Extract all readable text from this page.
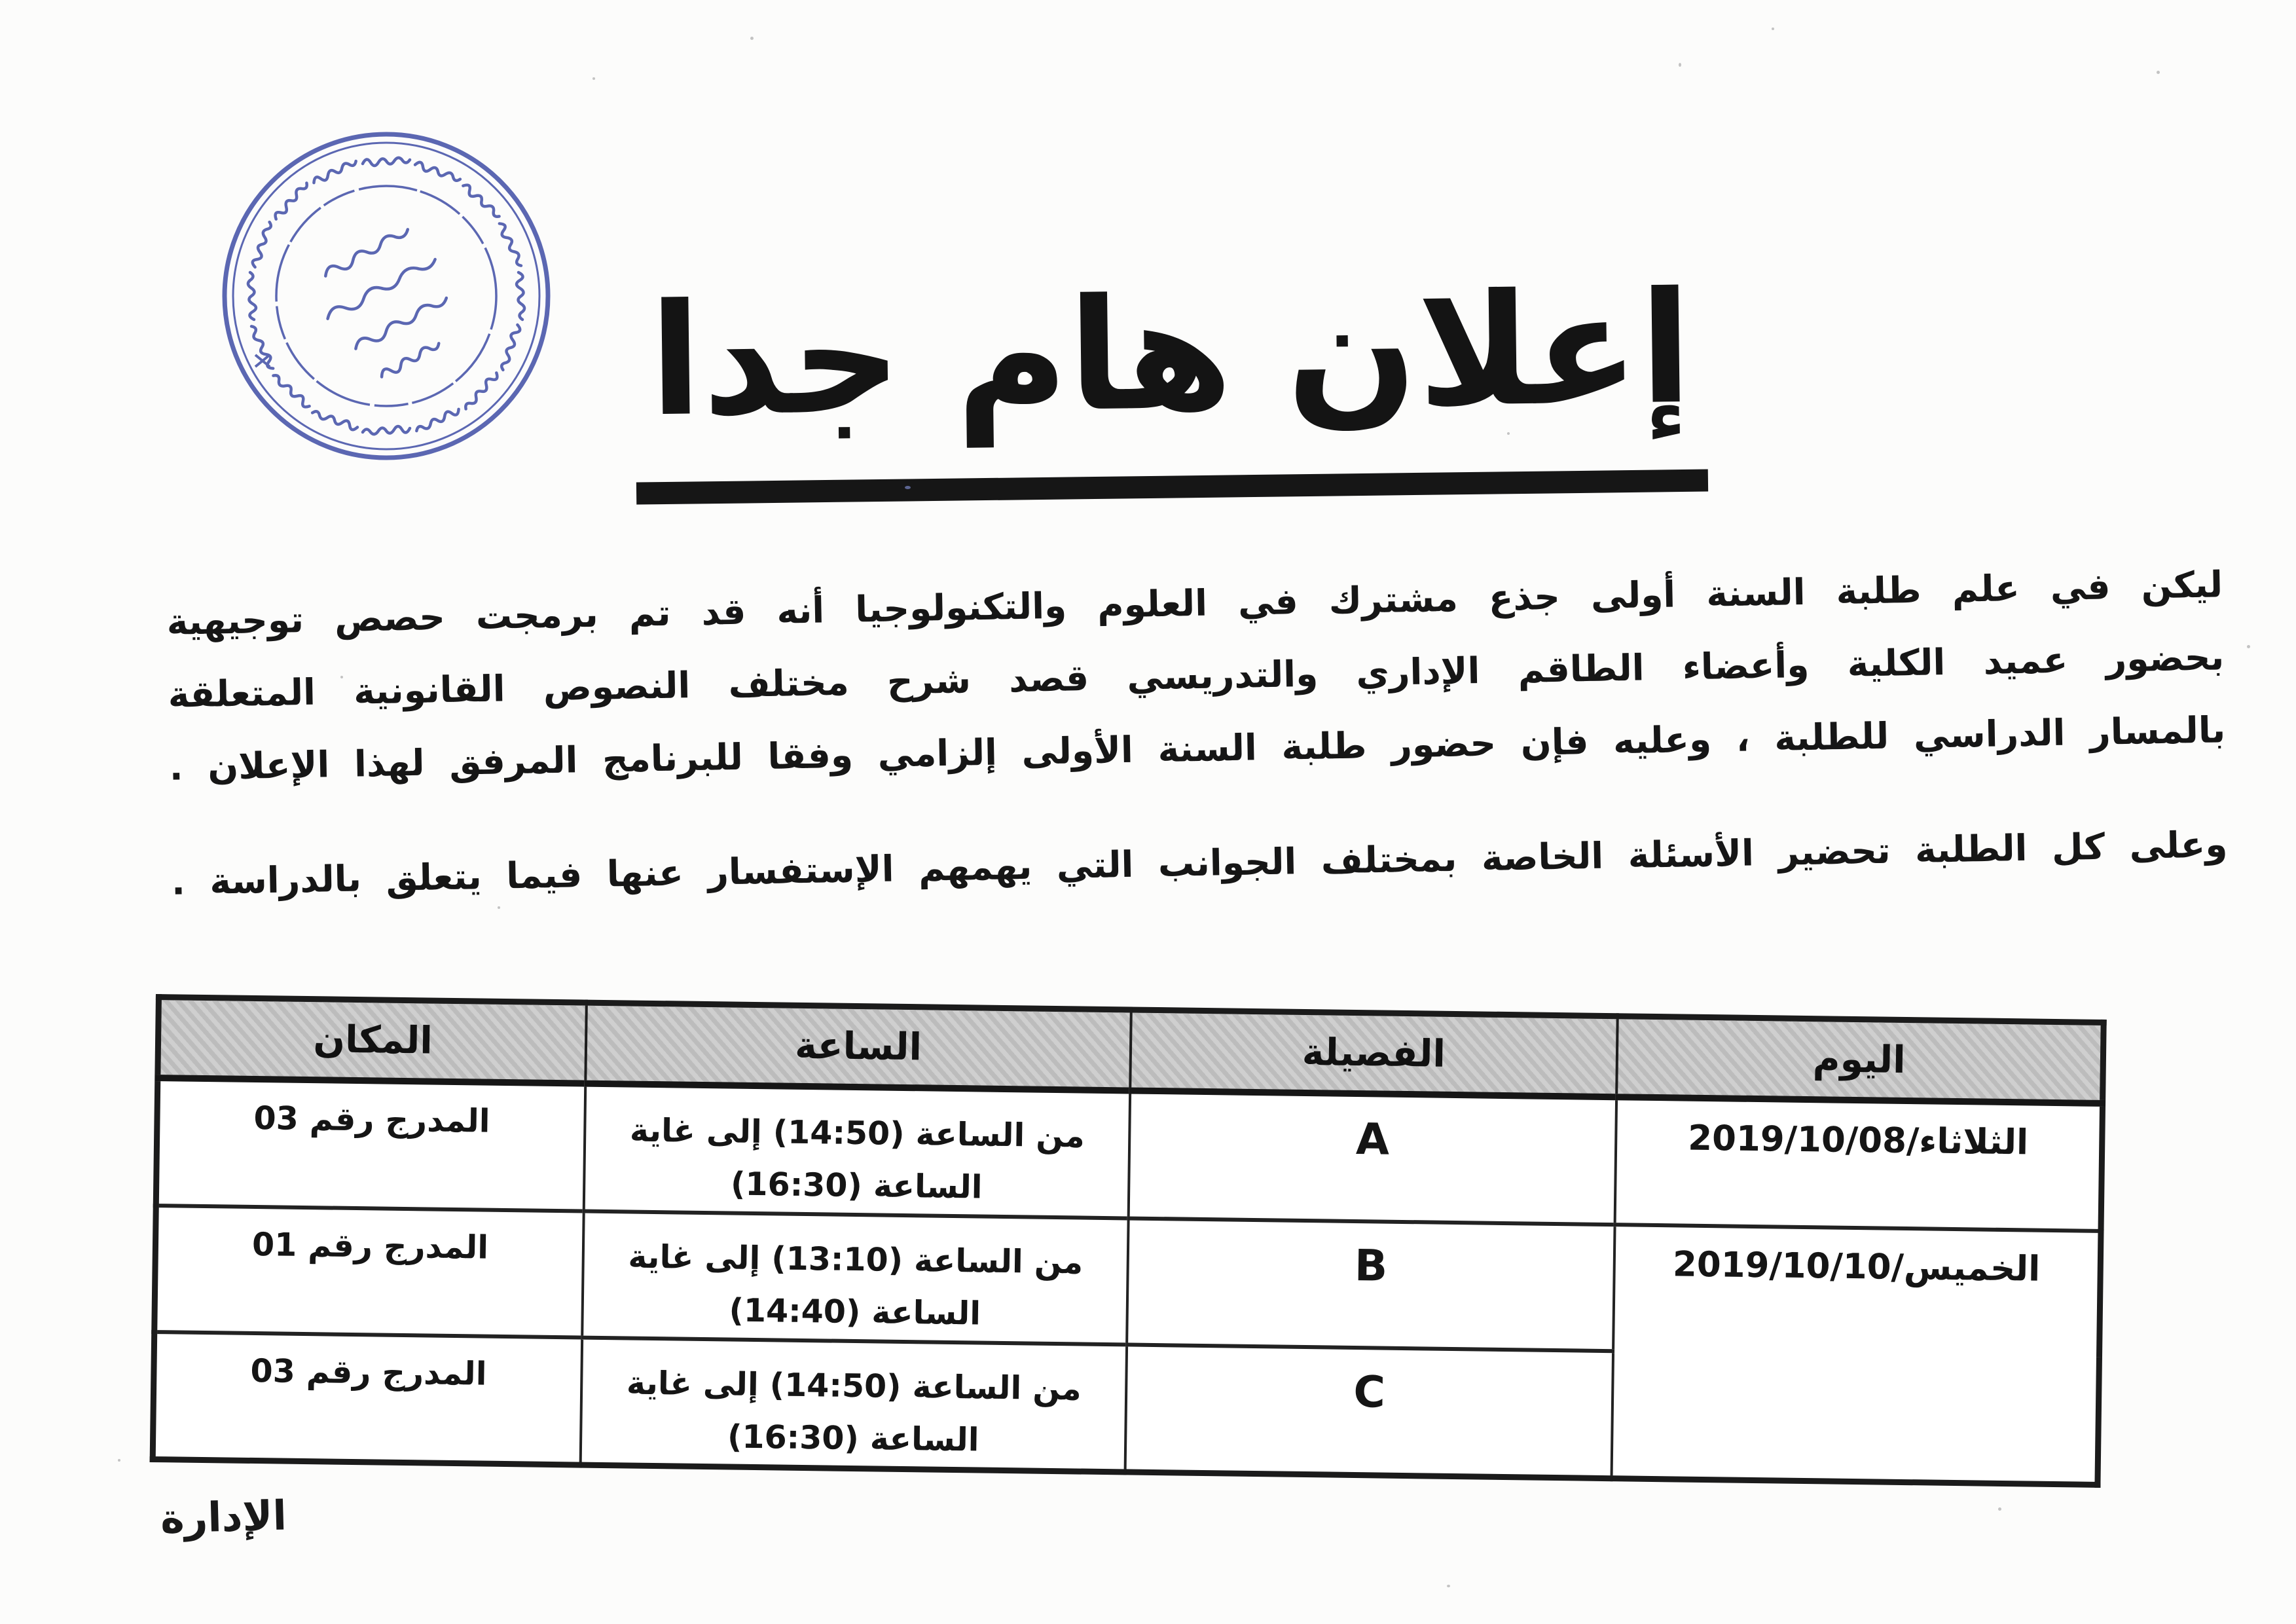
إعلان هام جدا
ليكن في علم طلبة السنة أولى جذع مشترك في العلوم والتكنولوجيا أنه قد تم برمجت حصص توجيهية
بحضور عميد الكلية وأعضاء الطاقم الإداري والتدريسي قصد شرح مختلف النصوص القانونية المتعلقة
بالمسار الدراسي للطلبة ، وعليه فإن حضور طلبة السنة الأولى إلزامي وفقا للبرنامج المرفق لهذا الإعلان .
وعلى كل الطلبة تحضير الأسئلة الخاصة بمختلف الجوانب التي يهمهم الإستفسار عنها فيما يتعلق بالدراسة .
اليوم	الفصيلة	الساعة	المكان
الثلاثاء/2019/10/08	A	من الساعة (14:50) إلى غاية
الساعة (16:30)	المدرج رقم 03
الخميس/2019/10/10	B	من الساعة (13:10) إلى غاية
الساعة (14:40)	المدرج رقم 01
	C	من الساعة (14:50) إلى غاية
الساعة (16:30)	المدرج رقم 03
الإدارة
